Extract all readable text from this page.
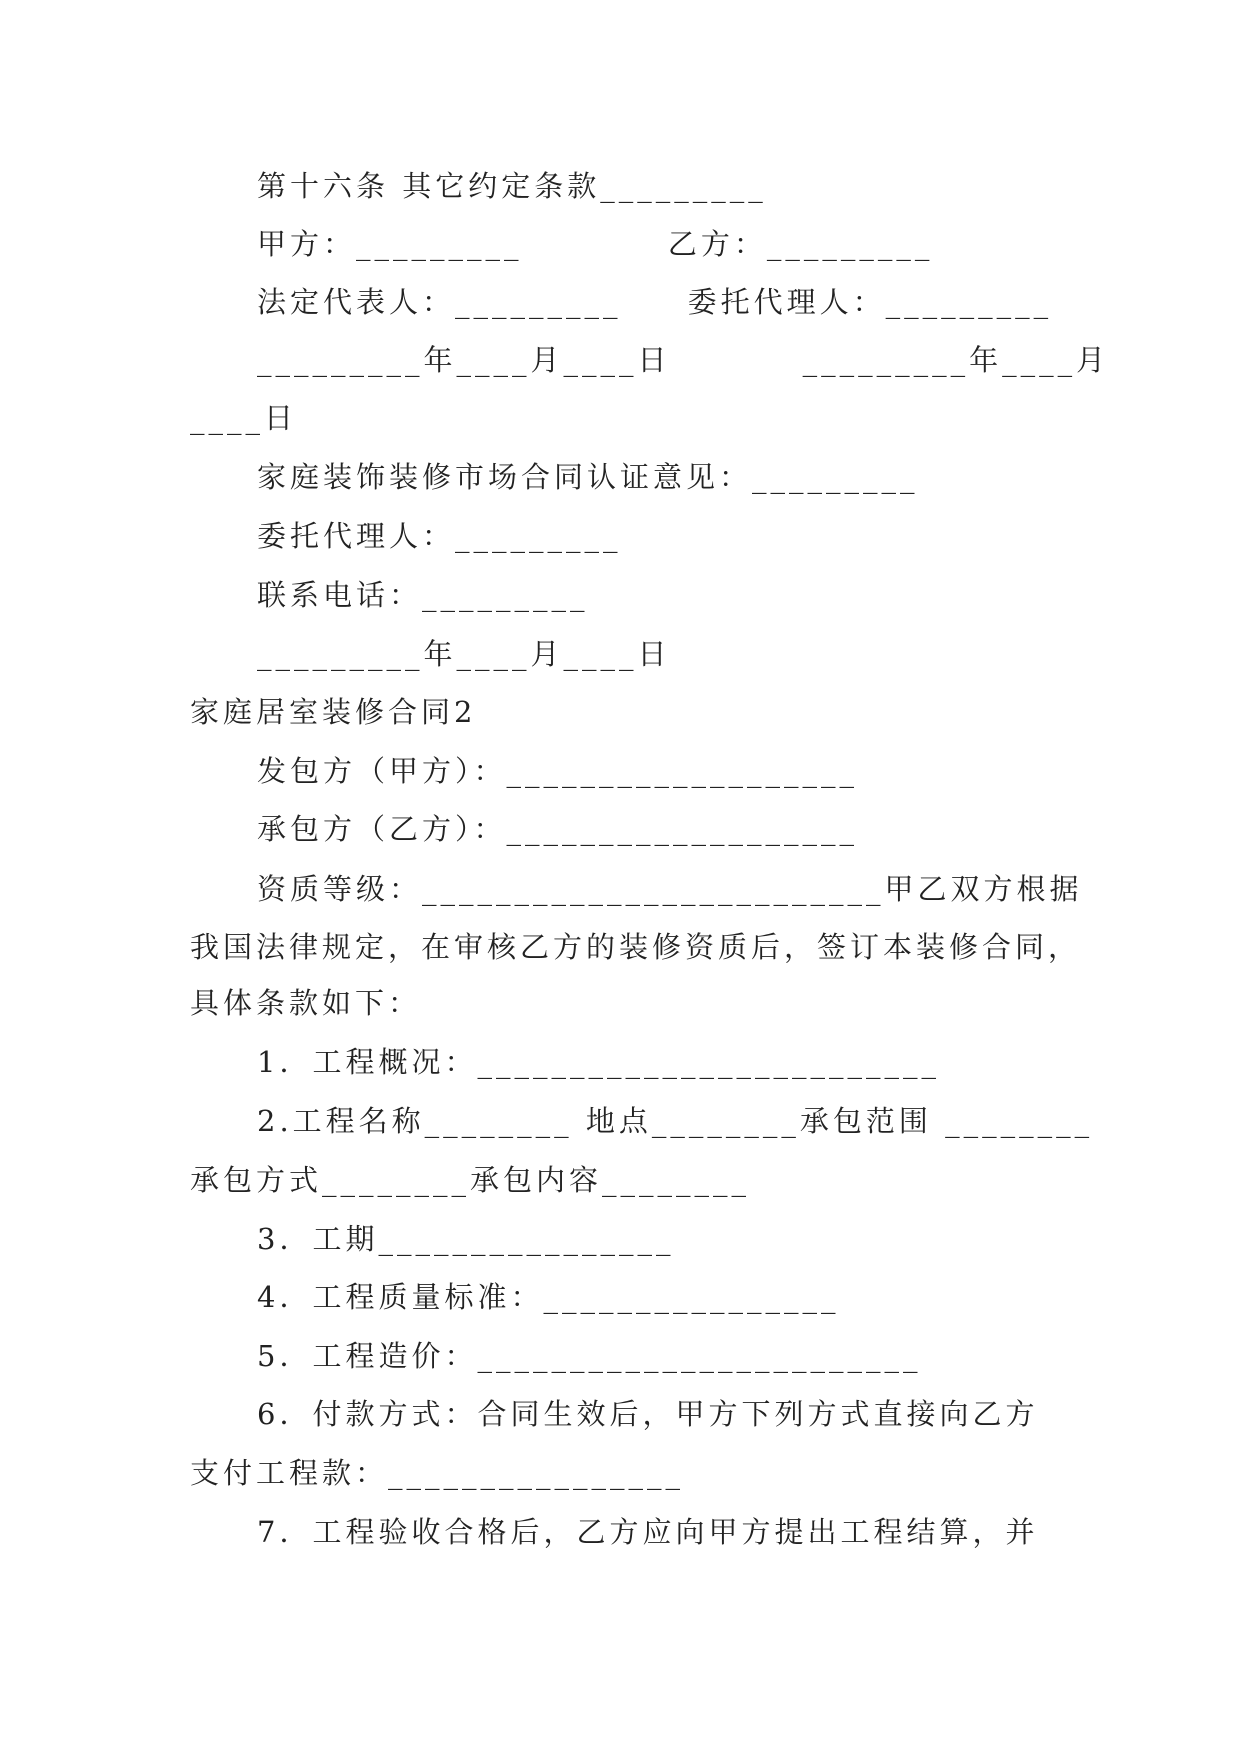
第十六条 其它约定条款_________
甲方：_________           乙方：_________
法定代表人：_________     委托代理人：_________
_________年____月____日          _________年____月
____日
家庭装饰装修市场合同认证意见：_________
委托代理人：_________
联系电话：_________
_________年____月____日
家庭居室装修合同2
发包方（甲方）：___________________
承包方（乙方）：___________________
资质等级：_________________________甲乙双方根据
我国法律规定，在审核乙方的装修资质后，签订本装修合同，
具体条款如下：
1．工程概况：_________________________
2.工程名称________ 地点________承包范围 ________
承包方式________承包内容________
3．工期________________
4．工程质量标准：________________
5．工程造价：________________________
6．付款方式：合同生效后，甲方下列方式直接向乙方
支付工程款：________________
7．工程验收合格后，乙方应向甲方提出工程结算，并
